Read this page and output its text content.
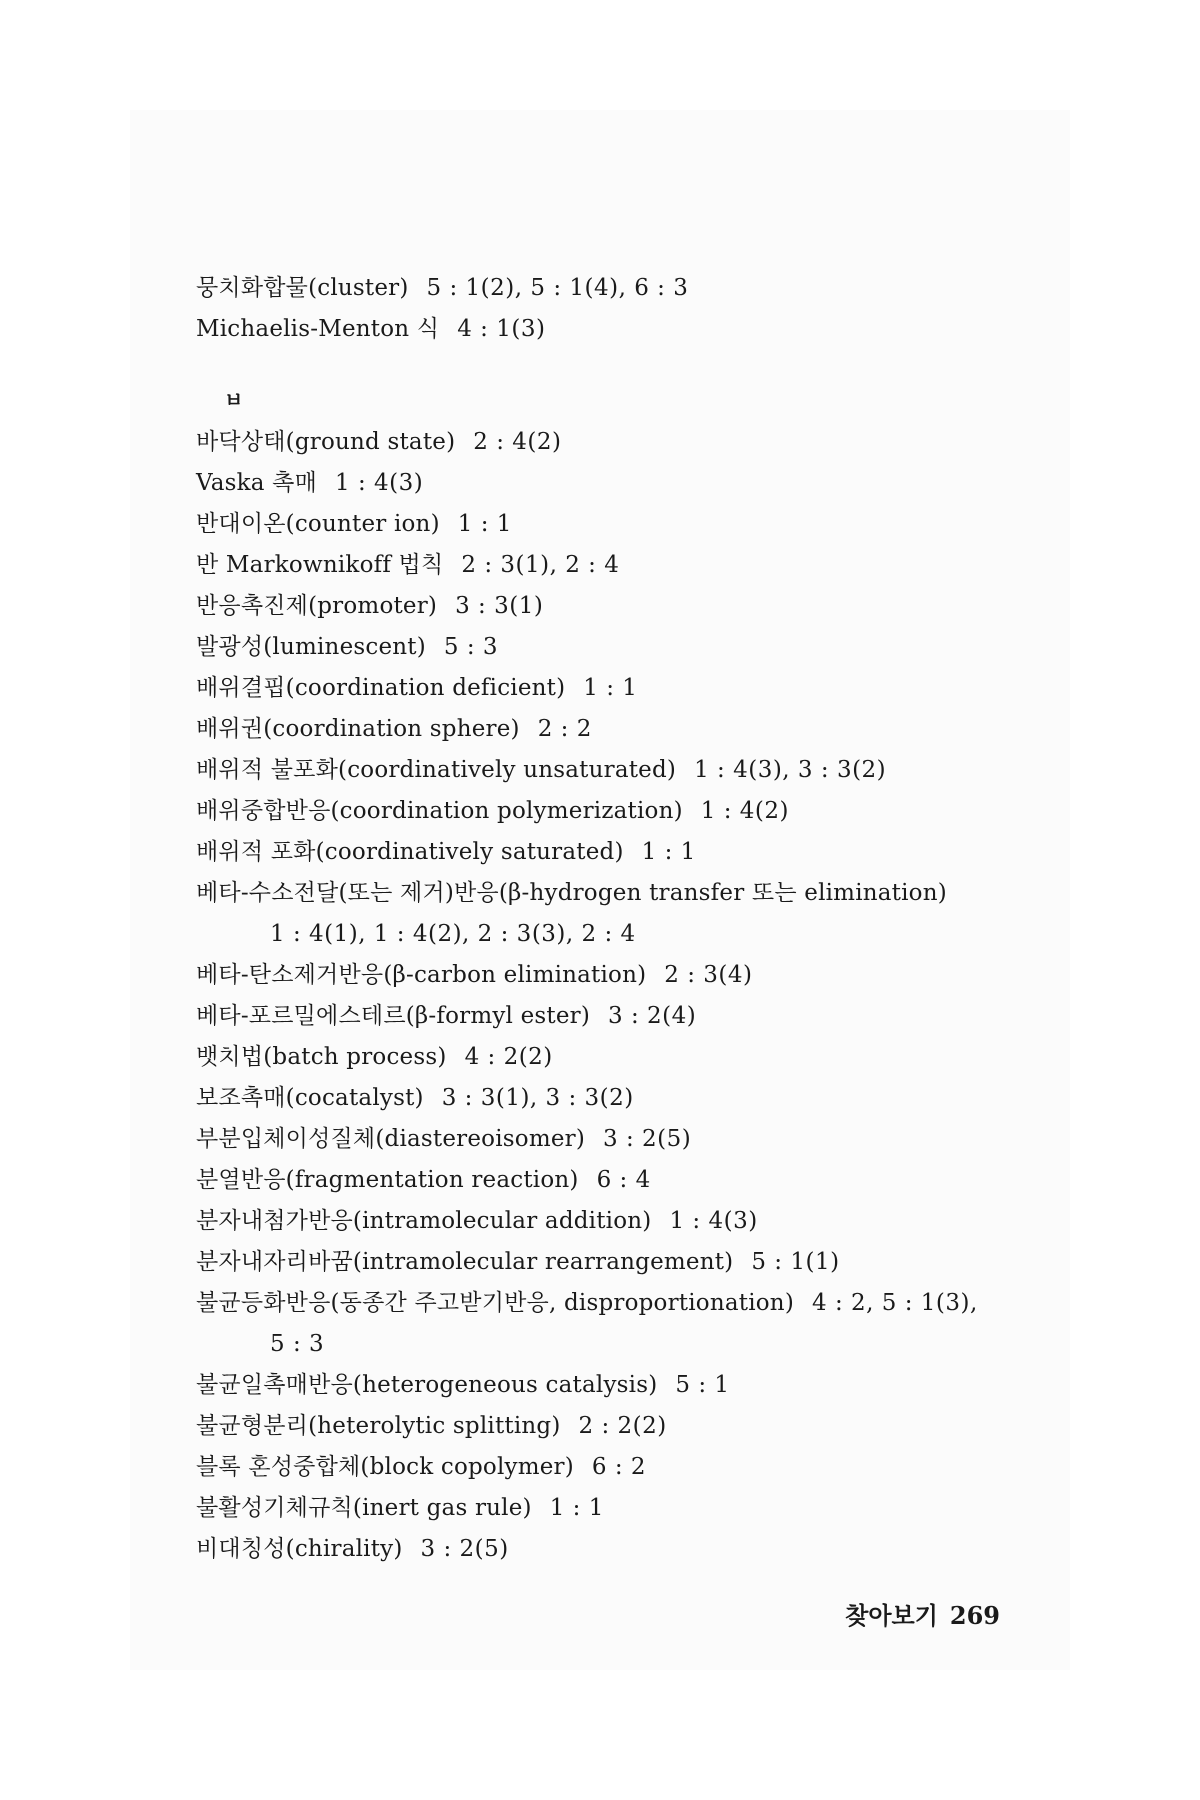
뭉치화합물(cluster) 5 : 1(2), 5 : 1(4), 6 : 3
Michaelis-Menton 식 4 : 1(3)
ㅂ
바닥상태(ground state) 2 : 4(2)
Vaska 촉매 1 : 4(3)
반대이온(counter ion) 1 : 1
반 Markownikoff 법칙 2 : 3(1), 2 : 4
반응촉진제(promoter) 3 : 3(1)
발광성(luminescent) 5 : 3
배위결핍(coordination deficient) 1 : 1
배위권(coordination sphere) 2 : 2
배위적 불포화(coordinatively unsaturated) 1 : 4(3), 3 : 3(2)
배위중합반응(coordination polymerization) 1 : 4(2)
배위적 포화(coordinatively saturated) 1 : 1
베타-수소전달(또는 제거)반응(β-hydrogen transfer 또는 elimination)
1 : 4(1), 1 : 4(2), 2 : 3(3), 2 : 4
베타-탄소제거반응(β-carbon elimination) 2 : 3(4)
베타-포르밀에스테르(β-formyl ester) 3 : 2(4)
뱃치법(batch process) 4 : 2(2)
보조촉매(cocatalyst) 3 : 3(1), 3 : 3(2)
부분입체이성질체(diastereoisomer) 3 : 2(5)
분열반응(fragmentation reaction) 6 : 4
분자내첨가반응(intramolecular addition) 1 : 4(3)
분자내자리바꿈(intramolecular rearrangement) 5 : 1(1)
불균등화반응(동종간 주고받기반응, disproportionation) 4 : 2, 5 : 1(3),
5 : 3
불균일촉매반응(heterogeneous catalysis) 5 : 1
불균형분리(heterolytic splitting) 2 : 2(2)
블록 혼성중합체(block copolymer) 6 : 2
불활성기체규칙(inert gas rule) 1 : 1
비대칭성(chirality) 3 : 2(5)
찾아보기 269
